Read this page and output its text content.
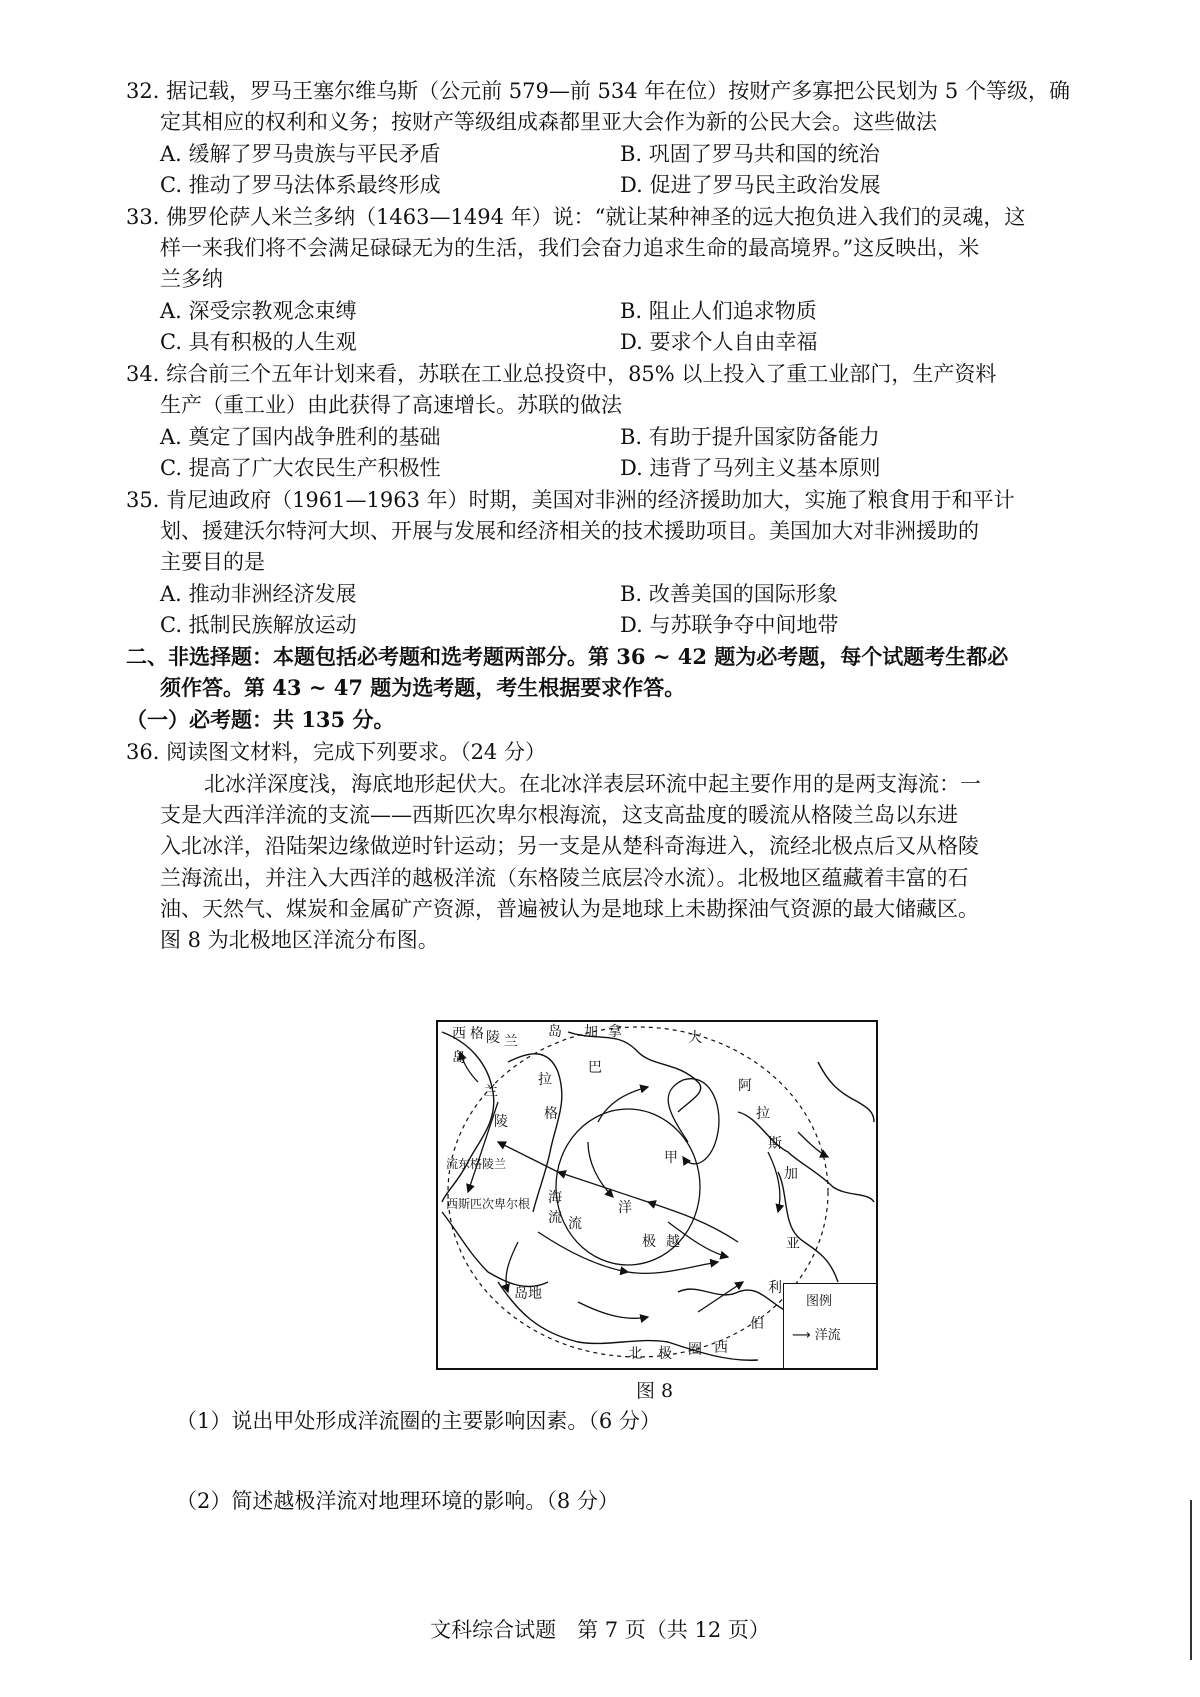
32. 据记载，罗马王塞尔维乌斯（公元前 579—前 534 年在位）按财产多寡把公民划为 5 个等级，确
定其相应的权利和义务；按财产等级组成森都里亚大会作为新的公民大会。这些做法
A. 缓解了罗马贵族与平民矛盾	B. 巩固了罗马共和国的统治
C. 推动了罗马法体系最终形成	D. 促进了罗马民主政治发展
33. 佛罗伦萨人米兰多纳（1463—1494 年）说：“就让某种神圣的远大抱负进入我们的灵魂，这
样一来我们将不会满足碌碌无为的生活，我们会奋力追求生命的最高境界。”这反映出，米
兰多纳
A. 深受宗教观念束缚	B. 阻止人们追求物质
C. 具有积极的人生观	D. 要求个人自由幸福
34. 综合前三个五年计划来看，苏联在工业总投资中，85% 以上投入了重工业部门，生产资料
生产（重工业）由此获得了高速增长。苏联的做法
A. 奠定了国内战争胜利的基础	B. 有助于提升国家防备能力
C. 提高了广大农民生产积极性	D. 违背了马列主义基本原则
35. 肯尼迪政府（1961—1963 年）时期，美国对非洲的经济援助加大，实施了粮食用于和平计
划、援建沃尔特河大坝、开展与发展和经济相关的技术援助项目。美国加大对非洲援助的
主要目的是
A. 推动非洲经济发展	B. 改善美国的国际形象
C. 抵制民族解放运动	D. 与苏联争夺中间地带
二、非选择题：本题包括必考题和选考题两部分。第 36 ~ 42 题为必考题，每个试题考生都必
须作答。第 43 ~ 47 题为选考题，考生根据要求作答。
（一）必考题：共 135 分。
36. 阅读图文材料，完成下列要求。（24 分）
北冰洋深度浅，海底地形起伏大。在北冰洋表层环流中起主要作用的是两支海流：一
支是大西洋洋流的支流——西斯匹次卑尔根海流，这支高盐度的暖流从格陵兰岛以东进
入北冰洋，沿陆架边缘做逆时针运动；另一支是从楚科奇海进入，流经北极点后又从格陵
兰海流出，并注入大西洋的越极洋流（东格陵兰底层冷水流）。北极地区蕴藏着丰富的石
油、天然气、煤炭和金属矿产资源，普遍被认为是地球上未勘探油气资源的最大储藏区。
图 8 为北极地区洋流分布图。
西 格 陵 兰
岛
岛 加 拿	大
巴
拉	阿
拉
斯
加
兰
陵	格
甲
流
洋
极 越	亚
利
伯
西
北 极 圈
西斯匹次卑尔根 海
流
流东格陵兰
岛地	图例
⟶ 洋流
图 8
（1）说出甲处形成洋流圈的主要影响因素。（6 分）
（2）简述越极洋流对地理环境的影响。（8 分）
文科综合试题　第 7 页（共 12 页）
